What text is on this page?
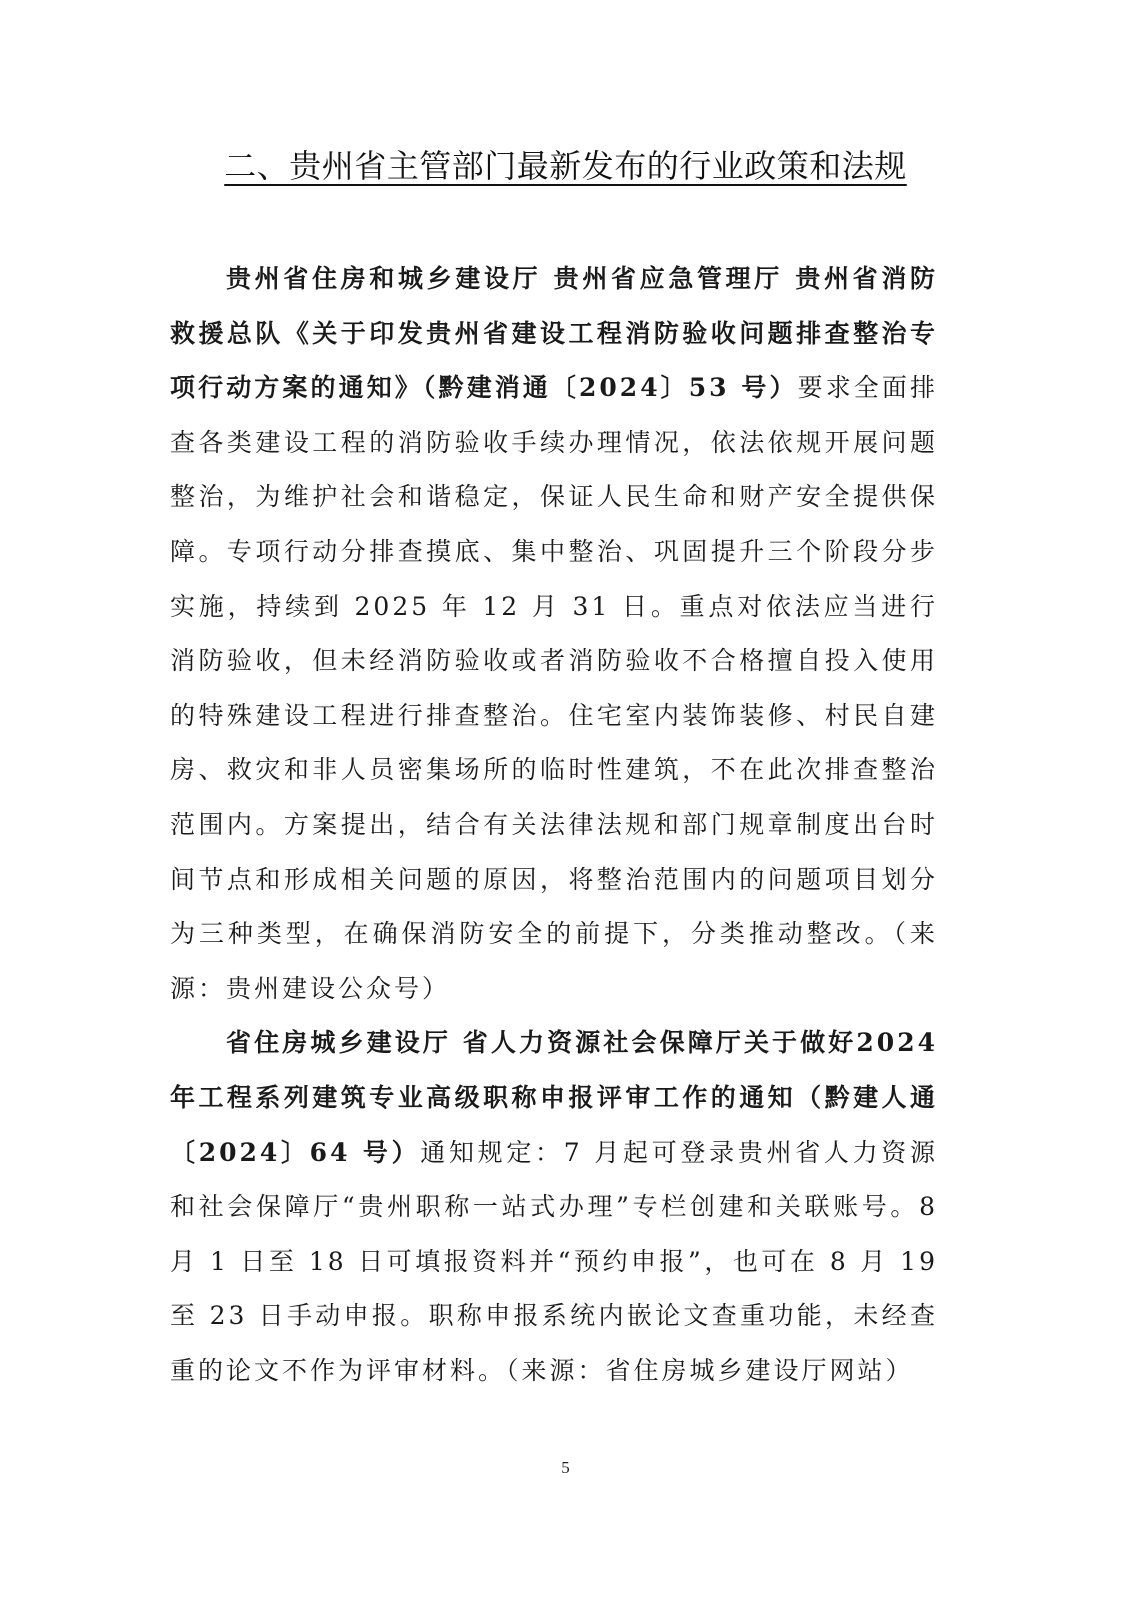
二、贵州省主管部门最新发布的行业政策和法规

贵州省住房和城乡建设厅 贵州省应急管理厅 贵州省消防救援总队《关于印发贵州省建设工程消防验收问题排查整治专项行动方案的通知》（黔建消通〔2024〕53 号）要求全面排查各类建设工程的消防验收手续办理情况，依法依规开展问题整治，为维护社会和谐稳定，保证人民生命和财产安全提供保障。专项行动分排查摸底、集中整治、巩固提升三个阶段分步实施，持续到 2025 年 12 月 31 日。重点对依法应当进行消防验收，但未经消防验收或者消防验收不合格擅自投入使用的特殊建设工程进行排查整治。住宅室内装饰装修、村民自建房、救灾和非人员密集场所的临时性建筑，不在此次排查整治范围内。方案提出，结合有关法律法规和部门规章制度出台时间节点和形成相关问题的原因，将整治范围内的问题项目划分为三种类型，在确保消防安全的前提下，分类推动整改。（来源：贵州建设公众号）

省住房城乡建设厅 省人力资源社会保障厅关于做好2024年工程系列建筑专业高级职称申报评审工作的通知（黔建人通〔2024〕64 号）通知规定：7 月起可登录贵州省人力资源和社会保障厅“贵州职称一站式办理”专栏创建和关联账号。8 月 1 日至 18 日可填报资料并“预约申报”，也可在 8 月 19 至 23 日手动申报。职称申报系统内嵌论文查重功能，未经查重的论文不作为评审材料。（来源：省住房城乡建设厅网站）

5
